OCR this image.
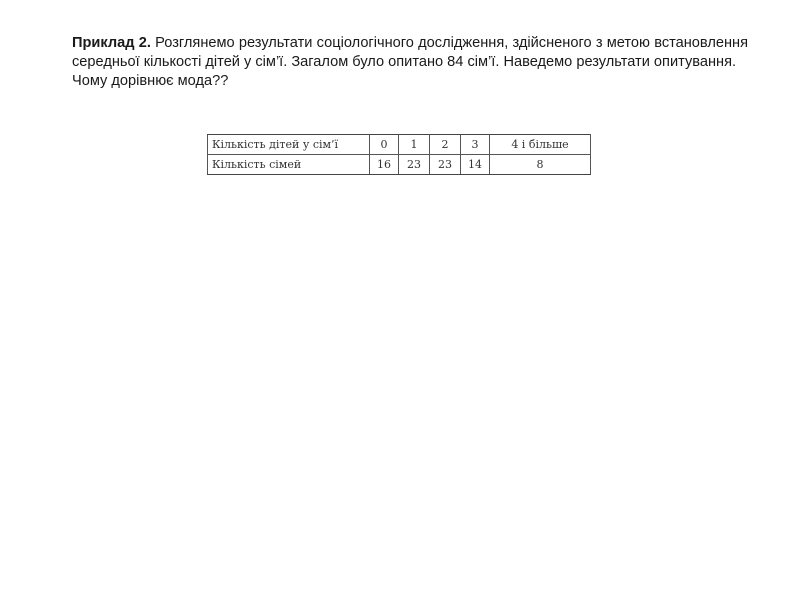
Приклад 2. Розглянемо результати соціологічного дослідження, здійсненого з метою встановлення середньої кількості дітей у сім’ї. Загалом було опитано 84 сім’ї. Наведемо результати опитування.

Чому дорівнює мода??

Кількість дітей у сім’ї	0	1	2	3	4 і більше
Кількість сімей	16	23	23	14	8
